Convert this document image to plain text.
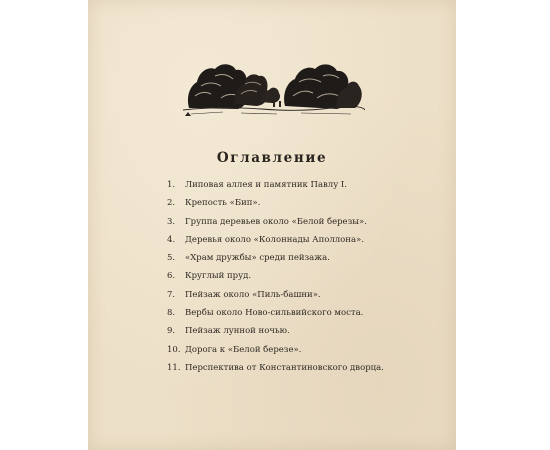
Оглавление
1. Липовая аллея и памятник Павлу I.
2. Крепость «Бип».
3. Группа деревьев около «Белой березы».
4. Деревья около «Колоннады Аполлона».
5. «Храм дружбы» среди пейзажа.
6. Круглый пруд.
7. Пейзаж около «Пиль-башни».
8. Вербы около Ново-сильвийского моста.
9. Пейзаж лунной ночью.
10. Дорога к «Белой березе».
11. Перспектива от Константиновского дворца.
